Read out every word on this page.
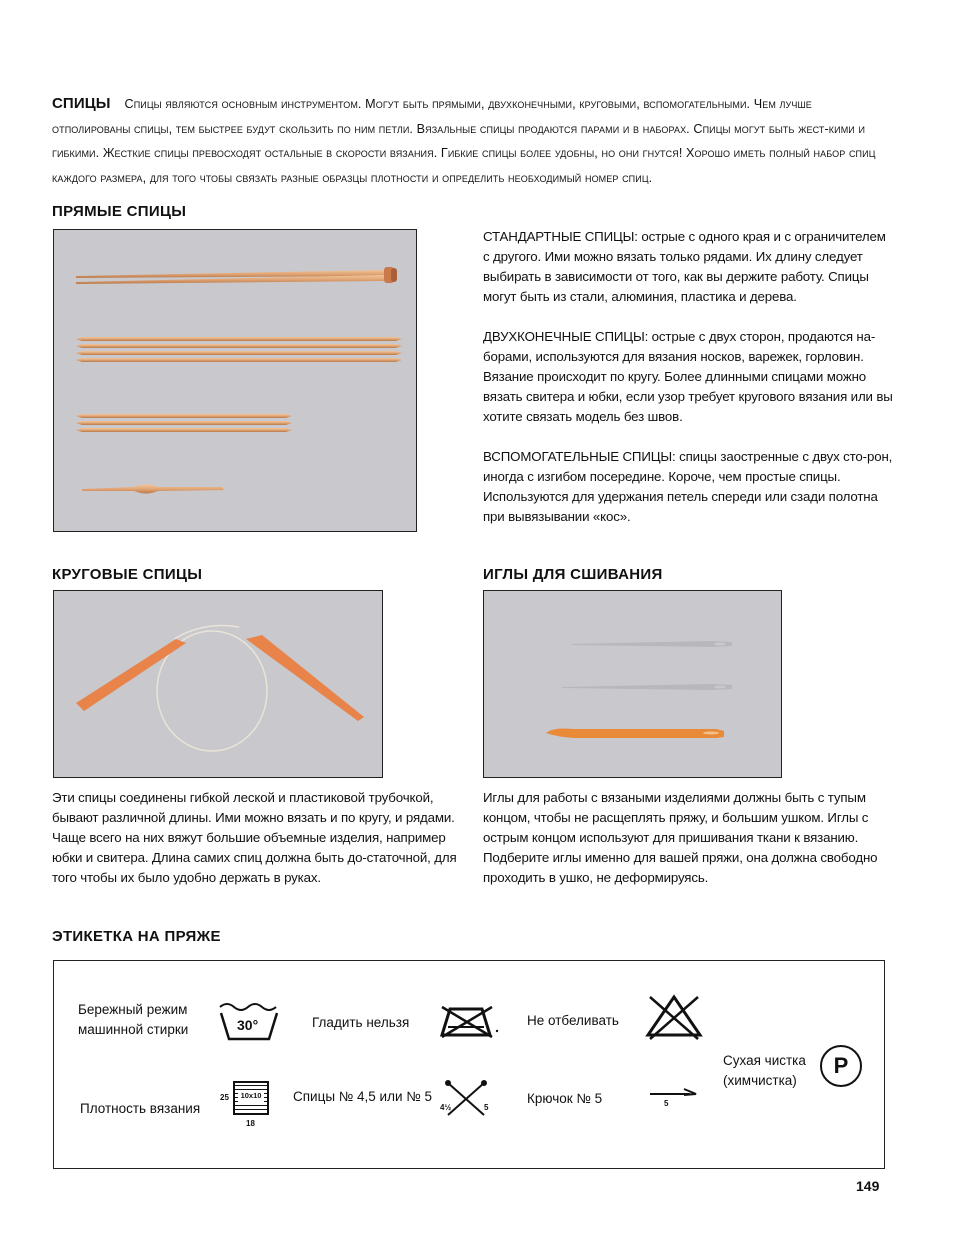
СПИЦЫ Спицы являются основным инструментом. Могут быть прямыми, двухконечными, круговыми, вспомогательными. Чем лучше отполированы спицы, тем быстрее будут скользить по ним петли. Вязальные спицы продаются парами и в наборах. Спицы могут быть жест-кими и гибкими. Жесткие спицы превосходят остальные в скорости вязания. Гибкие спицы более удобны, но они гнутся! Хорошо иметь полный набор спиц каждого размера, для того чтобы связать разные образцы плотности и определить необходимый номер спиц.
ПРЯМЫЕ СПИЦЫ

СТАНДАРТНЫЕ СПИЦЫ: острые с одного края и с ограничителем с другого. Ими можно вязать только рядами. Их длину следует выбирать в зависимости от того, как вы держите работу. Спицы могут быть из стали, алюминия, пластика и дерева.

ДВУХКОНЕЧНЫЕ СПИЦЫ: острые с двух сторон, продаются на-борами, используются для вязания носков, варежек, горловин. Вязание происходит по кругу. Более длинными спицами можно вязать свитера и юбки, если узор требует кругового вязания или вы хотите связать модель без швов.

ВСПОМОГАТЕЛЬНЫЕ СПИЦЫ: спицы заостренные с двух сто-рон, иногда с изгибом посередине. Короче, чем простые спицы. Используются для удержания петель спереди или сзади полотна при вывязывании «кос».

КРУГОВЫЕ СПИЦЫ
Эти спицы соединены гибкой леской и пластиковой трубочкой, бывают различной длины. Ими можно вязать и по кругу, и рядами. Чаще всего на них вяжут большие объемные изделия, например юбки и свитера. Длина самих спиц должна быть до-статочной, для того чтобы их было удобно держать в руках.
ИГЛЫ ДЛЯ СШИВАНИЯ
Иглы для работы с вязаными изделиями должны быть с тупым концом, чтобы не расщеплять пряжу, и большим ушком. Иглы с острым концом используют для пришивания ткани к вязанию. Подберите иглы именно для вашей пряжи, она должна свободно проходить в ушко, не деформируясь.
ЭТИКЕТКА НА ПРЯЖЕ
Бережный режим машинной стирки	30°	Гладить нельзя	Не отбеливать
Сухая чистка (химчистка)
P
Плотность вязания
10x10
25
18
Спицы № 4,5 или № 5
4½	5
Крючок № 5	5
149
